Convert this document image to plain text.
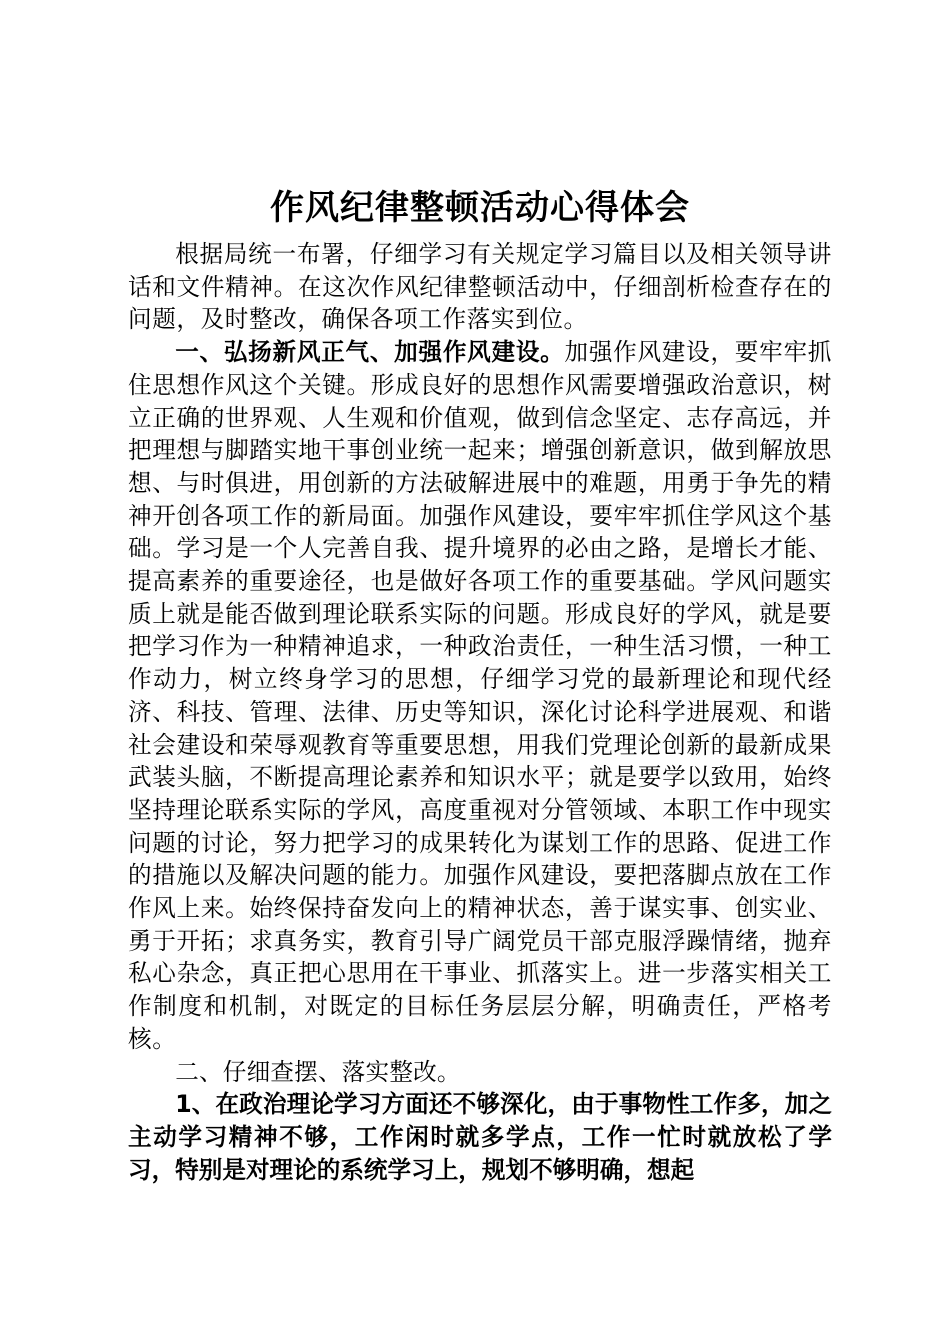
作风纪律整顿活动心得体会

根据局统一布署，仔细学习有关规定学习篇目以及相关领导讲话和文件精神。在这次作风纪律整顿活动中，仔细剖析检查存在的问题，及时整改，确保各项工作落实到位。

一、弘扬新风正气、加强作风建设。加强作风建设，要牢牢抓住思想作风这个关键。形成良好的思想作风需要增强政治意识，树立正确的世界观、人生观和价值观，做到信念坚定、志存高远，并把理想与脚踏实地干事创业统一起来；增强创新意识，做到解放思想、与时俱进，用创新的方法破解进展中的难题，用勇于争先的精神开创各项工作的新局面。加强作风建设，要牢牢抓住学风这个基础。学习是一个人完善自我、提升境界的必由之路，是增长才能、提高素养的重要途径，也是做好各项工作的重要基础。学风问题实质上就是能否做到理论联系实际的问题。形成良好的学风，就是要把学习作为一种精神追求，一种政治责任，一种生活习惯，一种工作动力，树立终身学习的思想，仔细学习党的最新理论和现代经济、科技、管理、法律、历史等知识，深化讨论科学进展观、和谐社会建设和荣辱观教育等重要思想，用我们党理论创新的最新成果武装头脑，不断提高理论素养和知识水平；就是要学以致用，始终坚持理论联系实际的学风，高度重视对分管领域、本职工作中现实问题的讨论，努力把学习的成果转化为谋划工作的思路、促进工作的措施以及解决问题的能力。加强作风建设，要把落脚点放在工作作风上来。始终保持奋发向上的精神状态，善于谋实事、创实业、勇于开拓；求真务实，教育引导广阔党员干部克服浮躁情绪，抛弃私心杂念，真正把心思用在干事业、抓落实上。进一步落实相关工作制度和机制，对既定的目标任务层层分解，明确责任，严格考核。

二、仔细查摆、落实整改。

1、在政治理论学习方面还不够深化，由于事物性工作多，加之主动学习精神不够，工作闲时就多学点，工作一忙时就放松了学习，特别是对理论的系统学习上，规划不够明确，想起
